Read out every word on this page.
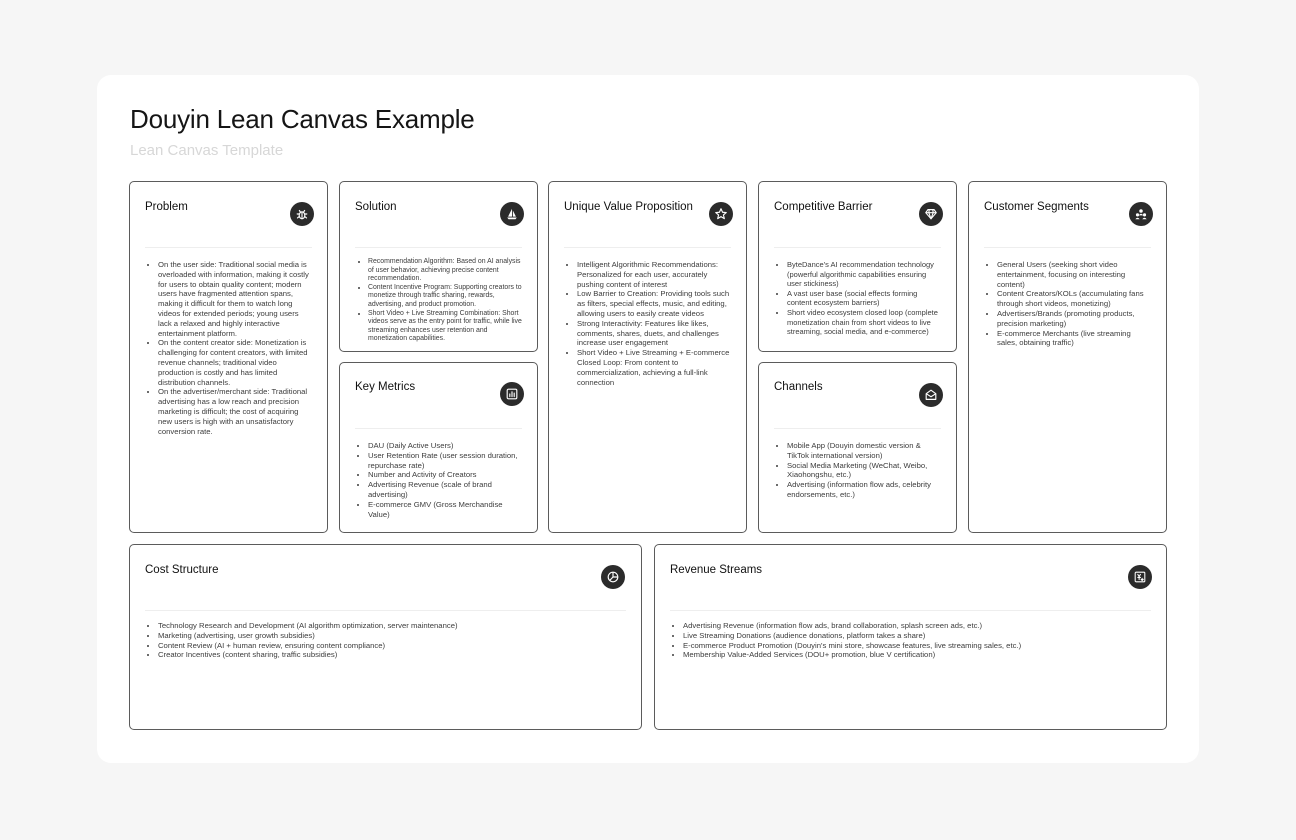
Douyin Lean Canvas Example
Lean Canvas Template
Problem
• On the user side: Traditional social media is overloaded with information, making it costly for users to obtain quality content; modern users have fragmented attention spans, making it difficult for them to watch long videos for extended periods; young users lack a relaxed and highly interactive entertainment platform.
• On the content creator side: Monetization is challenging for content creators, with limited revenue channels; traditional video production is costly and has limited distribution channels.
• On the advertiser/merchant side: Traditional advertising has a low reach and precision marketing is difficult; the cost of acquiring new users is high with an unsatisfactory conversion rate.
Solution
• Recommendation Algorithm: Based on AI analysis of user behavior, achieving precise content recommendation.
• Content Incentive Program: Supporting creators to monetize through traffic sharing, rewards, advertising, and product promotion.
• Short Video + Live Streaming Combination: Short videos serve as the entry point for traffic, while live streaming enhances user retention and monetization capabilities.
Key Metrics
• DAU (Daily Active Users)
• User Retention Rate (user session duration, repurchase rate)
• Number and Activity of Creators
• Advertising Revenue (scale of brand advertising)
• E-commerce GMV (Gross Merchandise Value)
Unique Value Proposition
• Intelligent Algorithmic Recommendations: Personalized for each user, accurately pushing content of interest
• Low Barrier to Creation: Providing tools such as filters, special effects, music, and editing, allowing users to easily create videos
• Strong Interactivity: Features like likes, comments, shares, duets, and challenges increase user engagement
• Short Video + Live Streaming + E-commerce Closed Loop: From content to commercialization, achieving a full-link connection
Competitive Barrier
• ByteDance's AI recommendation technology (powerful algorithmic capabilities ensuring user stickiness)
• A vast user base (social effects forming content ecosystem barriers)
• Short video ecosystem closed loop (complete monetization chain from short videos to live streaming, social media, and e-commerce)
Channels
• Mobile App (Douyin domestic version & TikTok international version)
• Social Media Marketing (WeChat, Weibo, Xiaohongshu, etc.)
• Advertising (information flow ads, celebrity endorsements, etc.)
Customer Segments
• General Users (seeking short video entertainment, focusing on interesting content)
• Content Creators/KOLs (accumulating fans through short videos, monetizing)
• Advertisers/Brands (promoting products, precision marketing)
• E-commerce Merchants (live streaming sales, obtaining traffic)
Cost Structure
• Technology Research and Development (AI algorithm optimization, server maintenance)
• Marketing (advertising, user growth subsidies)
• Content Review (AI + human review, ensuring content compliance)
• Creator Incentives (content sharing, traffic subsidies)
Revenue Streams
• Advertising Revenue (information flow ads, brand collaboration, splash screen ads, etc.)
• Live Streaming Donations (audience donations, platform takes a share)
• E-commerce Product Promotion (Douyin's mini store, showcase features, live streaming sales, etc.)
• Membership Value-Added Services (DOU+ promotion, blue V certification)
